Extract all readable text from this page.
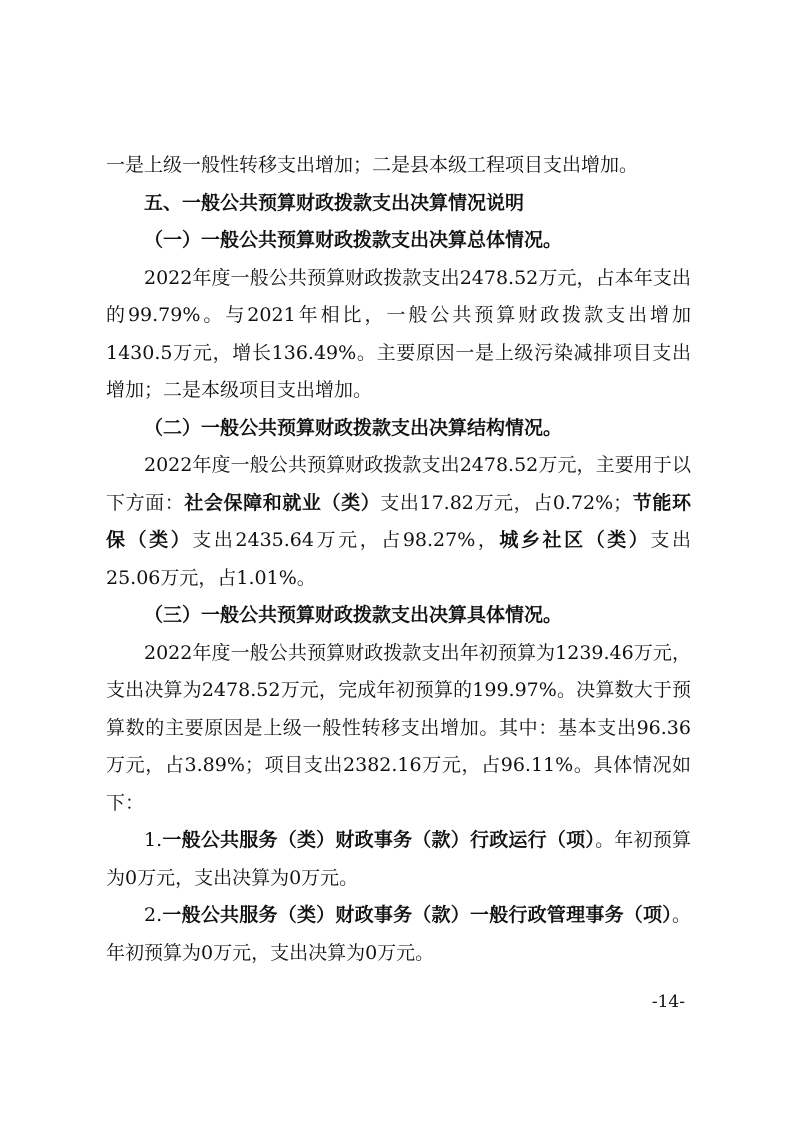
一是上级一般性转移支出增加；二是县本级工程项目支出增加。

五、一般公共预算财政拨款支出决算情况说明

（一）一般公共预算财政拨款支出决算总体情况。

2022年度一般公共预算财政拨款支出2478.52万元，占本年支出的99.79%。与2021年相比，一般公共预算财政拨款支出增加1430.5万元，增长136.49%。主要原因一是上级污染减排项目支出增加；二是本级项目支出增加。

（二）一般公共预算财政拨款支出决算结构情况。

2022年度一般公共预算财政拨款支出2478.52万元，主要用于以下方面：社会保障和就业（类）支出17.82万元，占0.72%；节能环保（类）支出2435.64万元，占98.27%，城乡社区（类）支出25.06万元，占1.01%。

（三）一般公共预算财政拨款支出决算具体情况。

2022年度一般公共预算财政拨款支出年初预算为1239.46万元，支出决算为2478.52万元，完成年初预算的199.97%。决算数大于预算数的主要原因是上级一般性转移支出增加。其中：基本支出96.36万元，占3.89%；项目支出2382.16万元，占96.11%。具体情况如下：

1.一般公共服务（类）财政事务（款）行政运行（项）。年初预算为0万元，支出决算为0万元。

2.一般公共服务（类）财政事务（款）一般行政管理事务（项）。年初预算为0万元，支出决算为0万元。

-14-
